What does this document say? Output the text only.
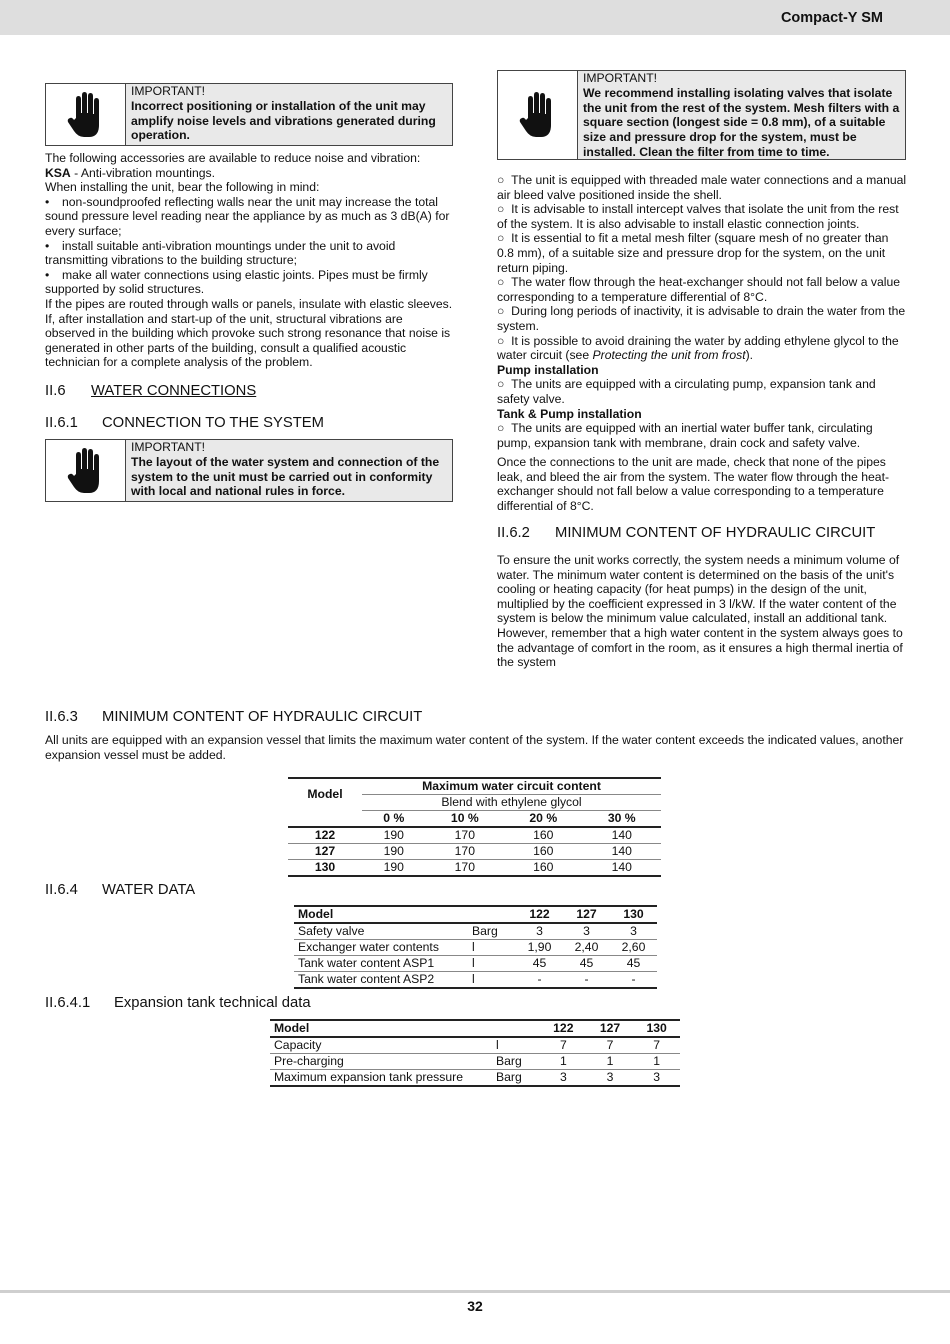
Compact-Y SM
IMPORTANT!
Incorrect positioning or installation of the unit may amplify noise levels and vibrations generated during operation.

The following accessories are available to reduce noise and vibration:

KSA - Anti-vibration mountings.

When installing the unit, bear the following in mind:

• non-soundproofed reflecting walls near the unit may increase the total sound pressure level reading near the appliance by as much as 3 dB(A) for every surface;

• install suitable anti-vibration mountings under the unit to avoid transmitting vibrations to the building structure;

• make all water connections using elastic joints. Pipes must be firmly supported by solid structures.

If the pipes are routed through walls or panels, insulate with elastic sleeves. If, after installation and start-up of the unit, structural vibrations are observed in the building which provoke such strong resonance that noise is generated in other parts of the building, consult a qualified acoustic technician for a complete analysis of the problem.

II.6 WATER CONNECTIONS
II.6.1 CONNECTION TO THE SYSTEM
IMPORTANT!
The layout of the water system and connection of the system to the unit must be carried out in conformity with local and national rules in force.
IMPORTANT!
We recommend installing isolating valves that isolate the unit from the rest of the system. Mesh filters with a square section (longest side = 0.8 mm), of a suitable size and pressure drop for the system, must be installed. Clean the filter from time to time.

○  The unit is equipped with threaded male water connections and a manual air bleed valve positioned inside the shell.

○  It is advisable to install intercept valves that isolate the unit from the rest of the system. It is also advisable to install elastic connection joints.

○  It is essential to fit a metal mesh filter (square mesh of no greater than 0.8 mm), of a suitable size and pressure drop for the system, on the unit return piping.

○  The water flow through the heat-exchanger should not fall below a value corresponding to a temperature differential of 8°C.

○  During long periods of inactivity, it is advisable to drain the water from the system.

○  It is possible to avoid draining the water by adding ethylene glycol to the water circuit (see Protecting the unit from frost).

Pump installation

○  The units are equipped with a circulating pump, expansion tank and safety valve.

Tank & Pump installation

○  The units are equipped with an inertial water buffer tank, circulating pump, expansion tank with membrane, drain cock and safety valve.

Once the connections to the unit are made, check that none of the pipes leak, and bleed the air from the system. The water flow through the heat-exchanger should not fall below a value corresponding to a temperature differential of 8°C.

II.6.2 MINIMUM CONTENT OF HYDRAULIC CIRCUIT

To ensure the unit works correctly, the system needs a minimum volume of water. The minimum water content is determined on the basis of the unit's cooling or heating capacity (for heat pumps) in the design of the unit, multiplied by the coefficient expressed in 3 l/kW. If the water content of the system is below the minimum value calculated, install an additional tank. However, remember that a high water content in the system always goes to the advantage of comfort in the room, as it ensures a high thermal inertia of the system

II.6.3 MINIMUM CONTENT OF HYDRAULIC CIRCUIT

All units are equipped with an expansion vessel that limits the maximum water content of the system. If the water content exceeds the indicated values, another expansion vessel must be added.

Model	Maximum water circuit content			
	Blend with ethylene glycol			
	0 %	10 %	20 %	30 %
122	190	170	160	140
127	190	170	160	140
130	190	170	160	140
II.6.4 WATER DATA
Model		122	127	130
Safety valve	Barg	3	3	3
Exchanger water contents	l	1,90	2,40	2,60
Tank water content ASP1	l	45	45	45
Tank water content ASP2	l	-	-	-
II.6.4.1 Expansion tank technical data
Model		122	127	130
Capacity	l	7	7	7
Pre-charging	Barg	1	1	1
Maximum expansion tank pressure	Barg	3	3	3
32
